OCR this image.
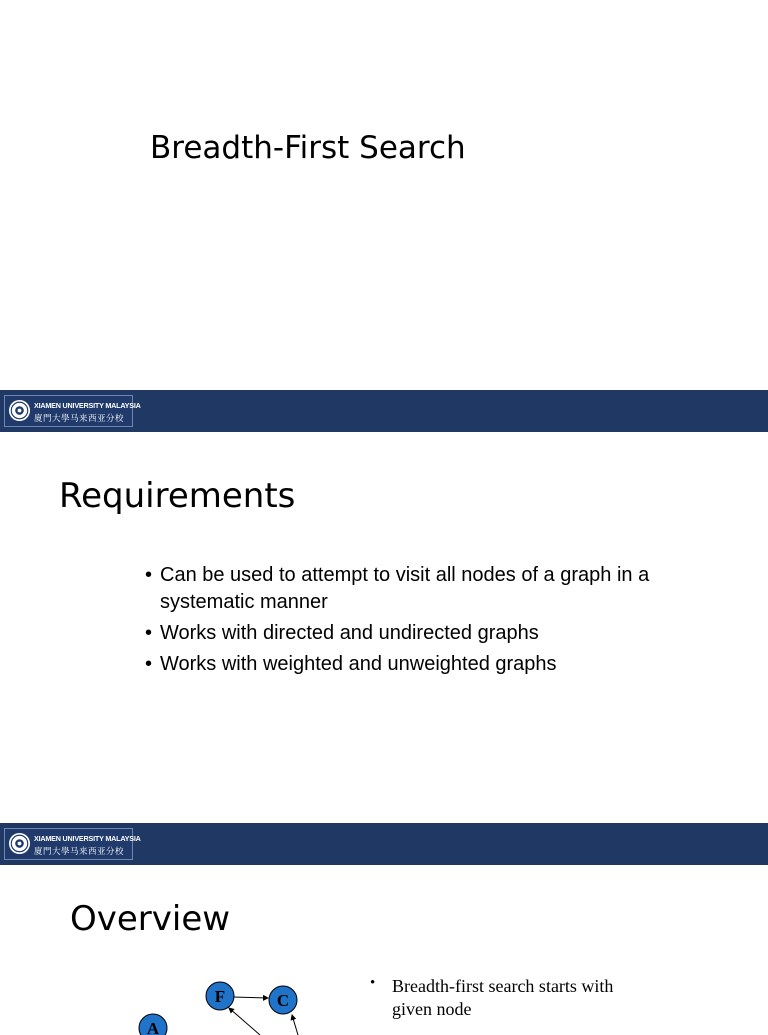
Breadth-First Search
XIAMEN UNIVERSITY MALAYSIA
廈門大學马来西亚分校
Requirements
• Can be used to attempt to visit all nodes of a graph in a systematic manner
• Works with directed and undirected graphs
• Works with weighted and unweighted graphs
XIAMEN UNIVERSITY MALAYSIA
廈門大學马来西亚分校
Overview
F	C
A
• Breadth-first search starts with given node
